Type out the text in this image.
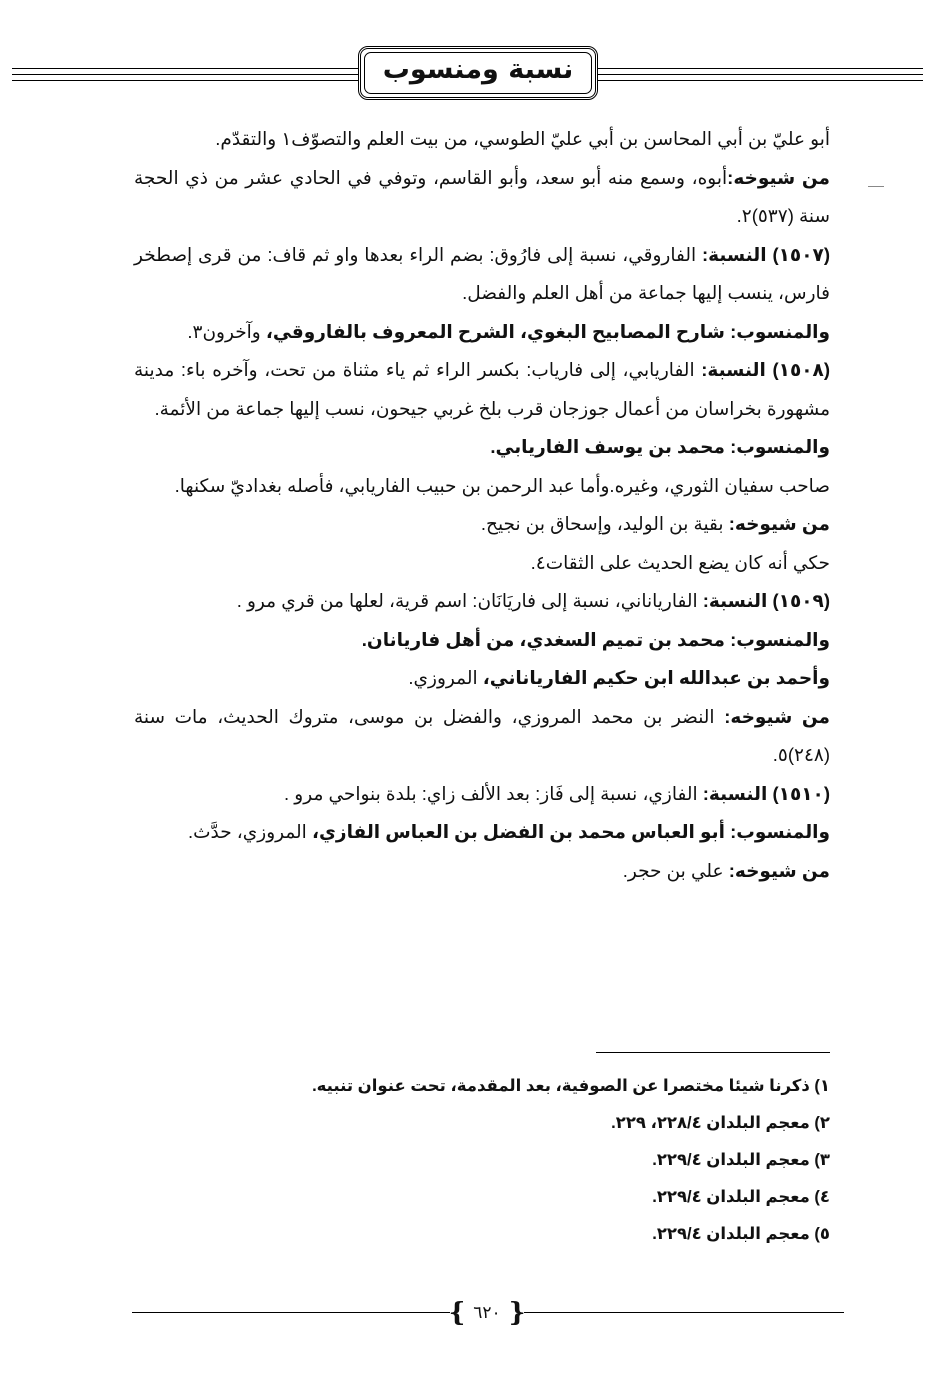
نسبة ومنسوب

أبو عليّ بن أبي المحاسن بن أبي عليّ الطوسي، من بيت العلم والتصوّف١ والتقدّم.

من شيوخه:أبوه، وسمع منه أبو سعد، وأبو القاسم، وتوفي في الحادي عشر من ذي الحجة سنة (٥٣٧)٢.

(١٥٠٧) النسبة: الفاروقي، نسبة إلى فارُوق: بضم الراء بعدها واو ثم قاف: من قرى إصطخر فارس، ينسب إليها جماعة من أهل العلم والفضل.

والمنسوب: شارح المصابيح البغوي، الشرح المعروف بالفاروقي، وآخرون٣.

(١٥٠٨) النسبة: الفاريابي، إلى فارياب: بكسر الراء ثم ياء مثناة من تحت، وآخره باء: مدينة مشهورة بخراسان من أعمال جوزجان قرب بلخ غربي جيحون، نسب إليها جماعة من الأئمة.

والمنسوب: محمد بن يوسف الفاريابي.

صاحب سفيان الثوري، وغيره.وأما عبد الرحمن بن حبيب الفاريابي، فأصله بغداديّ سكنها.

من شيوخه: بقية بن الوليد، وإسحاق بن نجيح.

حكي أنه كان يضع الحديث على الثقات٤.

(١٥٠٩) النسبة: الفارياناني، نسبة إلى فاريَانَان: اسم قرية، لعلها من قري مرو .

والمنسوب: محمد بن تميم السغدي، من أهل فاريانان.

وأحمد بن عبدالله ابن حكيم الفارياناني، المروزي.

من شيوخه: النضر بن محمد المروزي، والفضل بن موسى، متروك الحديث، مات سنة (٢٤٨)٥.

(١٥١٠) النسبة: الفازي، نسبة إلى فَاز: بعد الألف زاي: بلدة بنواحي مرو .

والمنسوب: أبو العباس محمد بن الفضل بن العباس الفازي، المروزي، حدَّث.

من شيوخه: علي بن حجر.

١) ذكرنا شيئا مختصرا عن الصوفية، بعد المقدمة، تحت عنوان تنبيه.

٢) معجم البلدان ٢٢٨/٤، ٢٢٩.

٣) معجم البلدان ٢٢٩/٤.

٤) معجم البلدان ٢٢٩/٤.

٥) معجم البلدان ٢٢٩/٤.

{ ٦٢٠ }
